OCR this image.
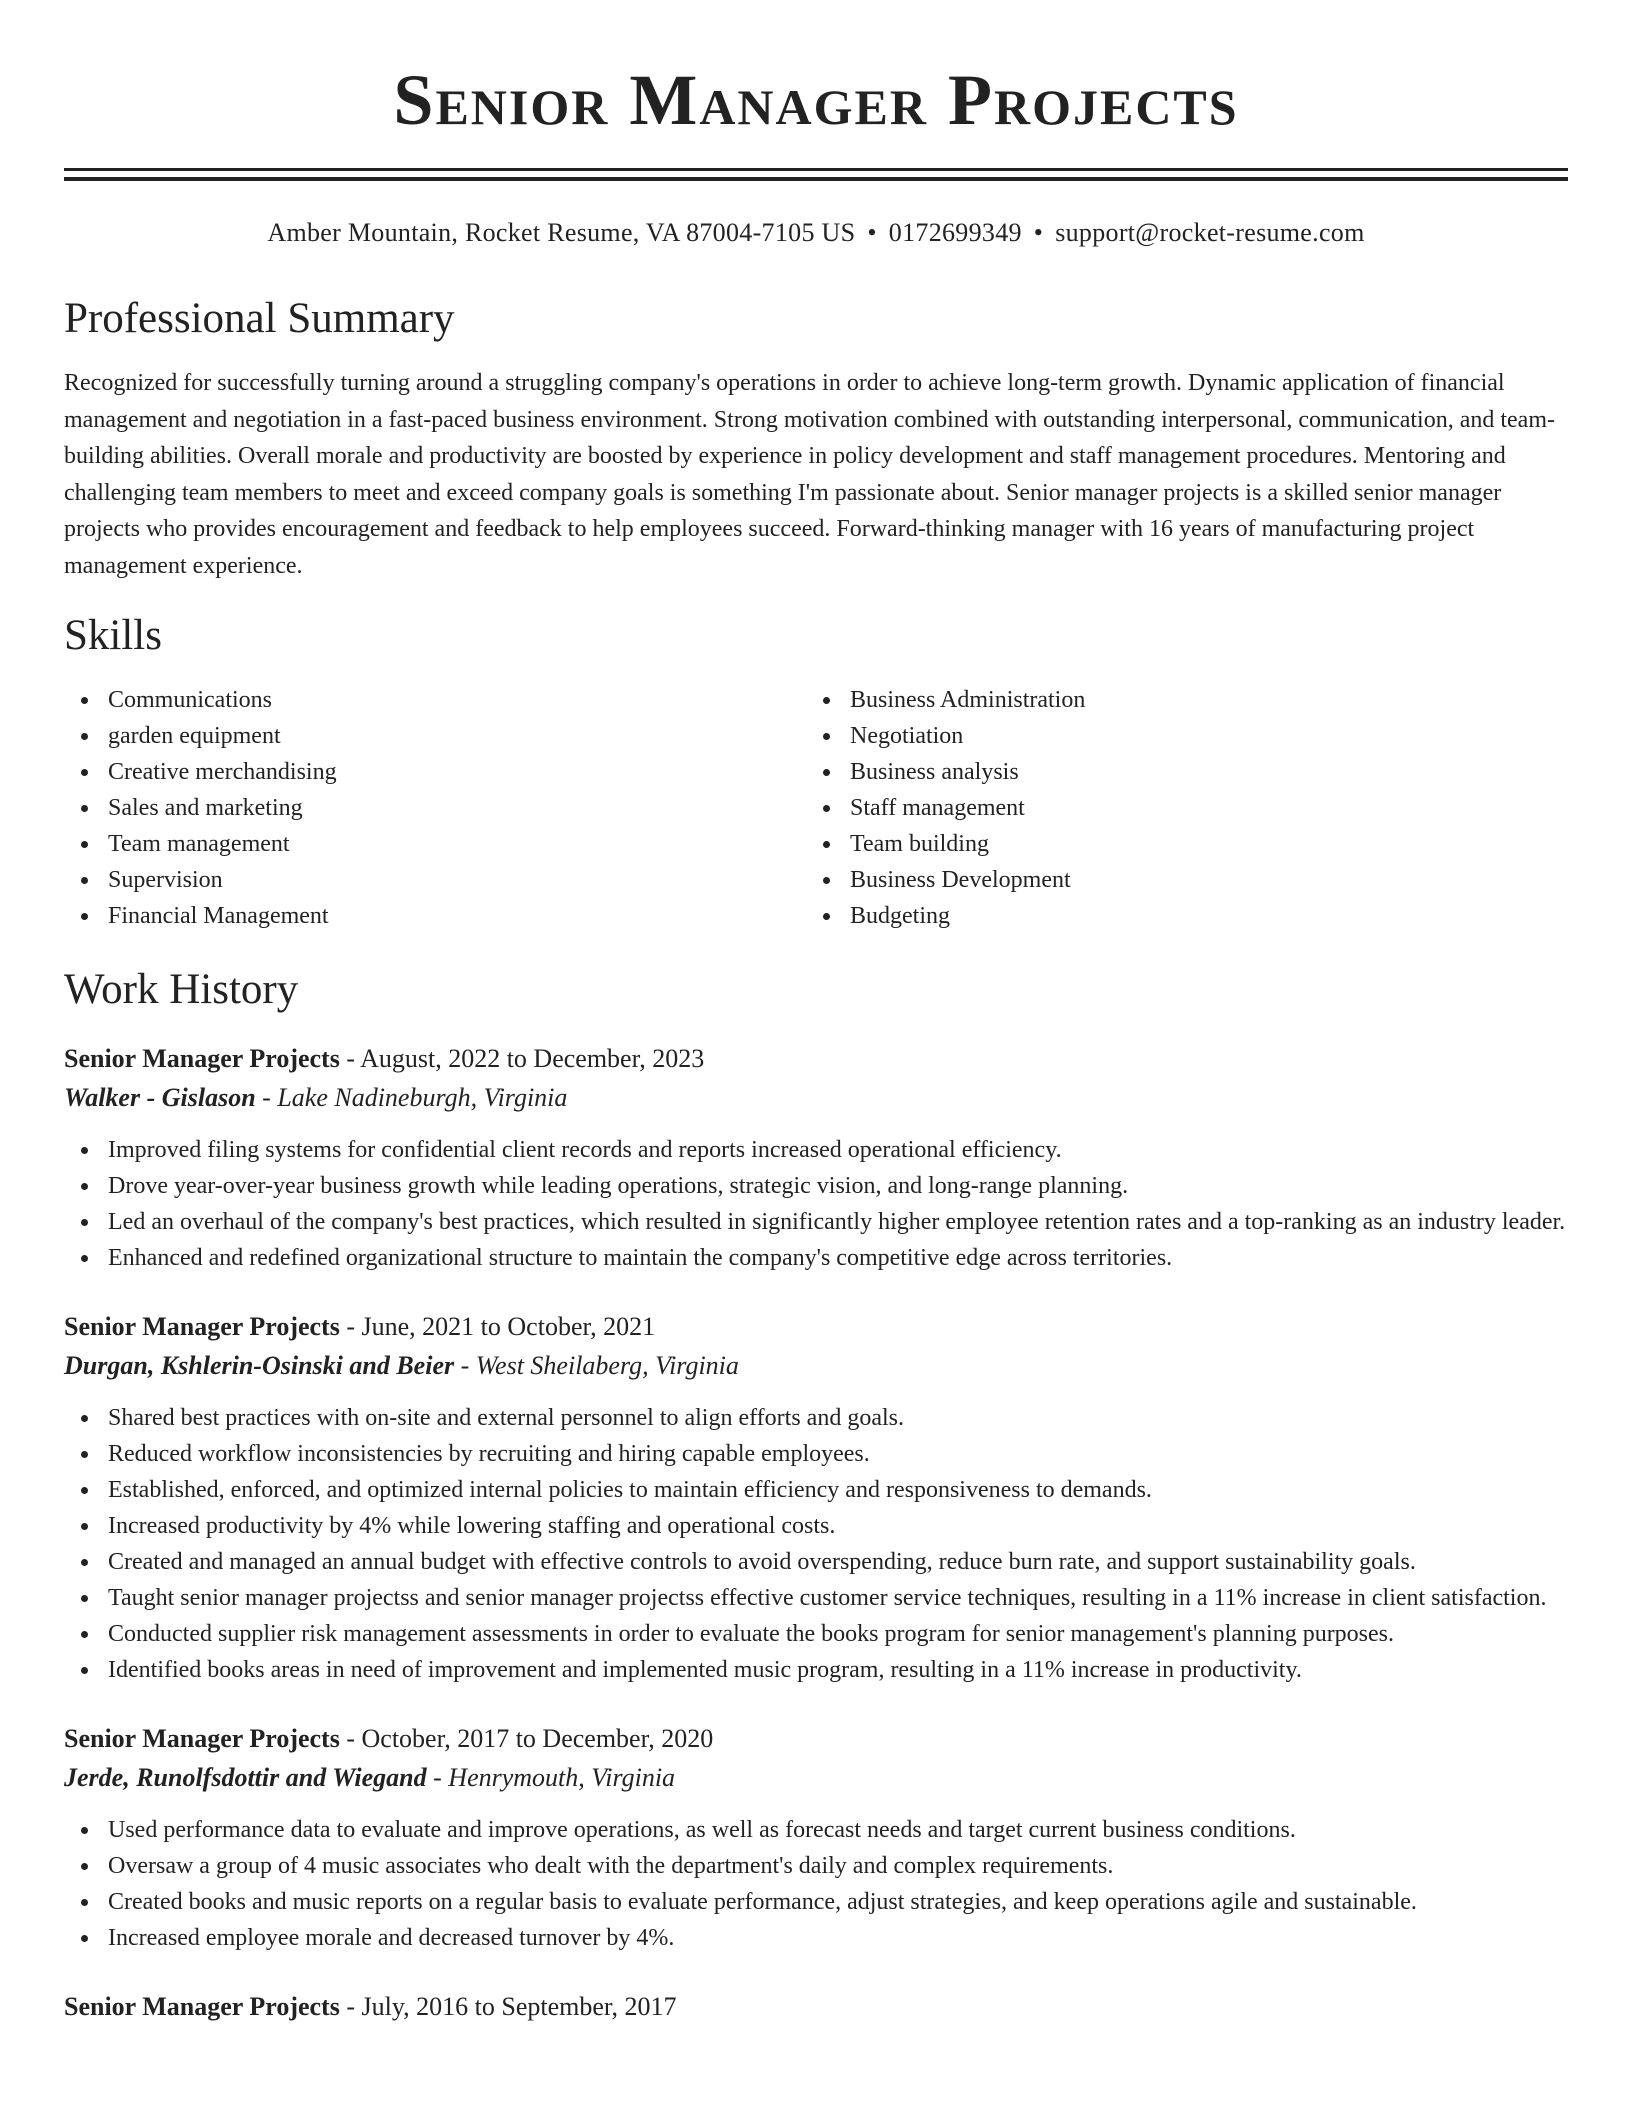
Senior Manager Projects
Amber Mountain, Rocket Resume, VA 87004-7105 US • 0172699349 • support@rocket-resume.com
Professional Summary

Recognized for successfully turning around a struggling company's operations in order to achieve long-term growth. Dynamic application of financial management and negotiation in a fast-paced business environment. Strong motivation combined with outstanding interpersonal, communication, and team-building abilities. Overall morale and productivity are boosted by experience in policy development and staff management procedures. Mentoring and challenging team members to meet and exceed company goals is something I'm passionate about. Senior manager projects is a skilled senior manager projects who provides encouragement and feedback to help employees succeed. Forward-thinking manager with 16 years of manufacturing project management experience.

Skills
Communications
garden equipment
Creative merchandising
Sales and marketing
Team management
Supervision
Financial Management
Business Administration
Negotiation
Business analysis
Staff management
Team building
Business Development
Budgeting
Work History
Senior Manager Projects - August, 2022 to December, 2023
Walker - Gislason - Lake Nadineburgh, Virginia
Improved filing systems for confidential client records and reports increased operational efficiency.
Drove year-over-year business growth while leading operations, strategic vision, and long-range planning.
Led an overhaul of the company's best practices, which resulted in significantly higher employee retention rates and a top-ranking as an industry leader.
Enhanced and redefined organizational structure to maintain the company's competitive edge across territories.
Senior Manager Projects - June, 2021 to October, 2021
Durgan, Kshlerin-Osinski and Beier - West Sheilaberg, Virginia
Shared best practices with on-site and external personnel to align efforts and goals.
Reduced workflow inconsistencies by recruiting and hiring capable employees.
Established, enforced, and optimized internal policies to maintain efficiency and responsiveness to demands.
Increased productivity by 4% while lowering staffing and operational costs.
Created and managed an annual budget with effective controls to avoid overspending, reduce burn rate, and support sustainability goals.
Taught senior manager projectss and senior manager projectss effective customer service techniques, resulting in a 11% increase in client satisfaction.
Conducted supplier risk management assessments in order to evaluate the books program for senior management's planning purposes.
Identified books areas in need of improvement and implemented music program, resulting in a 11% increase in productivity.
Senior Manager Projects - October, 2017 to December, 2020
Jerde, Runolfsdottir and Wiegand - Henrymouth, Virginia
Used performance data to evaluate and improve operations, as well as forecast needs and target current business conditions.
Oversaw a group of 4 music associates who dealt with the department's daily and complex requirements.
Created books and music reports on a regular basis to evaluate performance, adjust strategies, and keep operations agile and sustainable.
Increased employee morale and decreased turnover by 4%.
Senior Manager Projects - July, 2016 to September, 2017
